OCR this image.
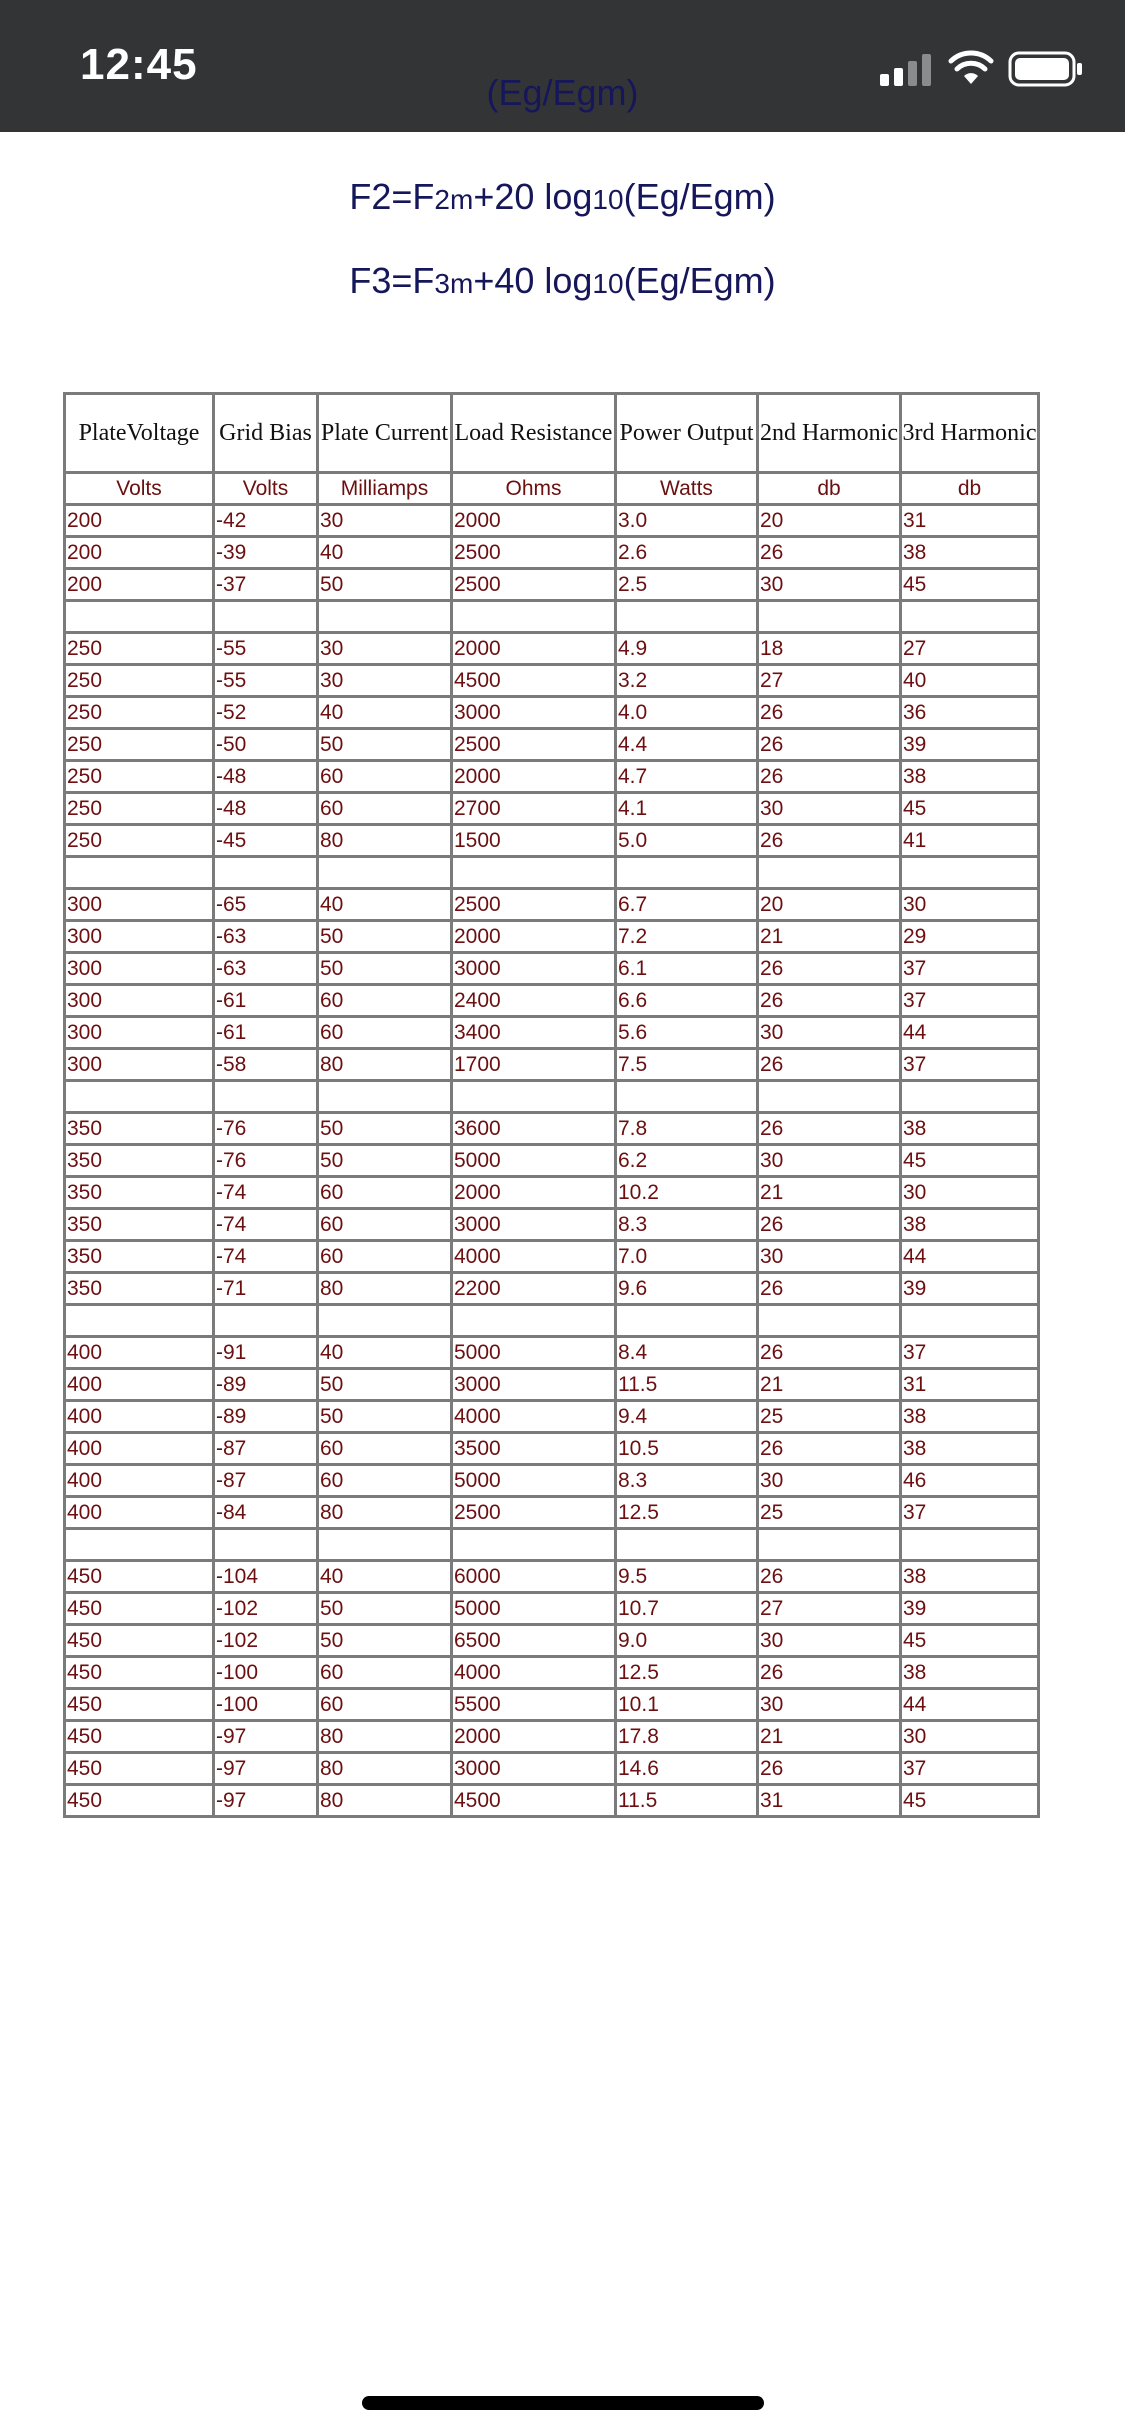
12:45
(Eg/Egm)
F2=F2m+20 log10(Eg/Egm)
F3=F3m+40 log10(Eg/Egm)
PlateVoltage	Grid Bias	Plate Current	Load Resistance	Power Output	2nd Harmonic	3rd Harmonic
Volts	Volts	Milliamps	Ohms	Watts	db	db
200	-42	30	2000	3.0	20	31
200	-39	40	2500	2.6	26	38
200	-37	50	2500	2.5	30	45

250	-55	30	2000	4.9	18	27
250	-55	30	4500	3.2	27	40
250	-52	40	3000	4.0	26	36
250	-50	50	2500	4.4	26	39
250	-48	60	2000	4.7	26	38
250	-48	60	2700	4.1	30	45
250	-45	80	1500	5.0	26	41

300	-65	40	2500	6.7	20	30
300	-63	50	2000	7.2	21	29
300	-63	50	3000	6.1	26	37
300	-61	60	2400	6.6	26	37
300	-61	60	3400	5.6	30	44
300	-58	80	1700	7.5	26	37

350	-76	50	3600	7.8	26	38
350	-76	50	5000	6.2	30	45
350	-74	60	2000	10.2	21	30
350	-74	60	3000	8.3	26	38
350	-74	60	4000	7.0	30	44
350	-71	80	2200	9.6	26	39

400	-91	40	5000	8.4	26	37
400	-89	50	3000	11.5	21	31
400	-89	50	4000	9.4	25	38
400	-87	60	3500	10.5	26	38
400	-87	60	5000	8.3	30	46
400	-84	80	2500	12.5	25	37

450	-104	40	6000	9.5	26	38
450	-102	50	5000	10.7	27	39
450	-102	50	6500	9.0	30	45
450	-100	60	4000	12.5	26	38
450	-100	60	5500	10.1	30	44
450	-97	80	2000	17.8	21	30
450	-97	80	3000	14.6	26	37
450	-97	80	4500	11.5	31	45
